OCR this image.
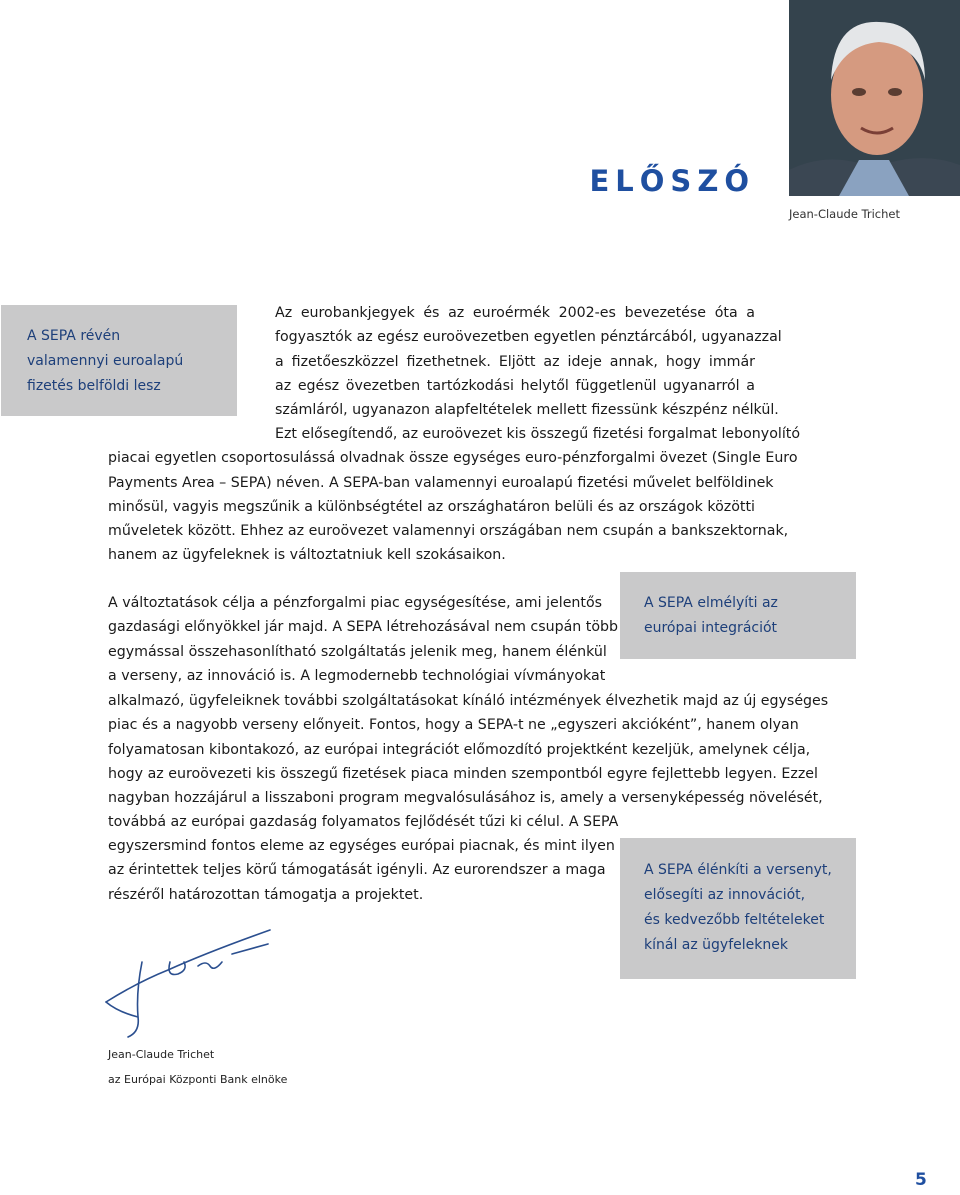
Jean-Claude Trichet
ELŐSZÓ
A SEPA révén
valamennyi euroalapú
fizetés belföldi lesz
A SEPA elmélyíti az
európai integrációt
A SEPA élénkíti a versenyt,
elősegíti az innovációt,
és kedvezőbb feltételeket
kínál az ügyfeleknek
Az eurobankjegyek és az euroérmék 2002-es bevezetése óta a
fogyasztók az egész euroövezetben egyetlen pénztárcából, ugyanazzal
a fizetőeszközzel fizethetnek. Eljött az ideje annak, hogy immár
az egész övezetben tartózkodási helytől függetlenül ugyanarról a
számláról, ugyanazon alapfeltételek mellett fizessünk készpénz nélkül.
Ezt elősegítendő, az euroövezet kis összegű fizetési forgalmat lebonyolító
piacai egyetlen csoportosulássá olvadnak össze egységes euro-pénzforgalmi övezet (Single Euro
Payments Area – SEPA) néven. A SEPA-ban valamennyi euroalapú fizetési művelet belföldinek
minősül, vagyis megszűnik a különbségtétel az országhatáron belüli és az országok közötti
műveletek között. Ehhez az euroövezet valamennyi országában nem csupán a bankszektornak,
hanem az ügyfeleknek is változtatniuk kell szokásaikon.
A változtatások célja a pénzforgalmi piac egységesítése, ami jelentős
gazdasági előnyökkel jár majd. A SEPA létrehozásával nem csupán több
egymással összehasonlítható szolgáltatás jelenik meg, hanem élénkül
a verseny, az innováció is. A legmodernebb technológiai vívmányokat
alkalmazó, ügyfeleiknek további szolgáltatásokat kínáló intézmények élvezhetik majd az új egységes
piac és a nagyobb verseny előnyeit. Fontos, hogy a SEPA-t ne „egyszeri akcióként”, hanem olyan
folyamatosan kibontakozó, az európai integrációt előmozdító projektként kezeljük, amelynek célja,
hogy az euroövezeti kis összegű fizetések piaca minden szempontból egyre fejlettebb legyen. Ezzel
nagyban hozzájárul a lisszaboni program megvalósulásához is, amely a versenyképesség növelését,
továbbá az európai gazdaság folyamatos fejlődését tűzi ki célul. A SEPA
egyszersmind fontos eleme az egységes európai piacnak, és mint ilyen
az érintettek teljes körű támogatását igényli. Az eurorendszer a maga
részéről határozottan támogatja a projektet.
Jean-Claude Trichet
az Európai Központi Bank elnöke
5
